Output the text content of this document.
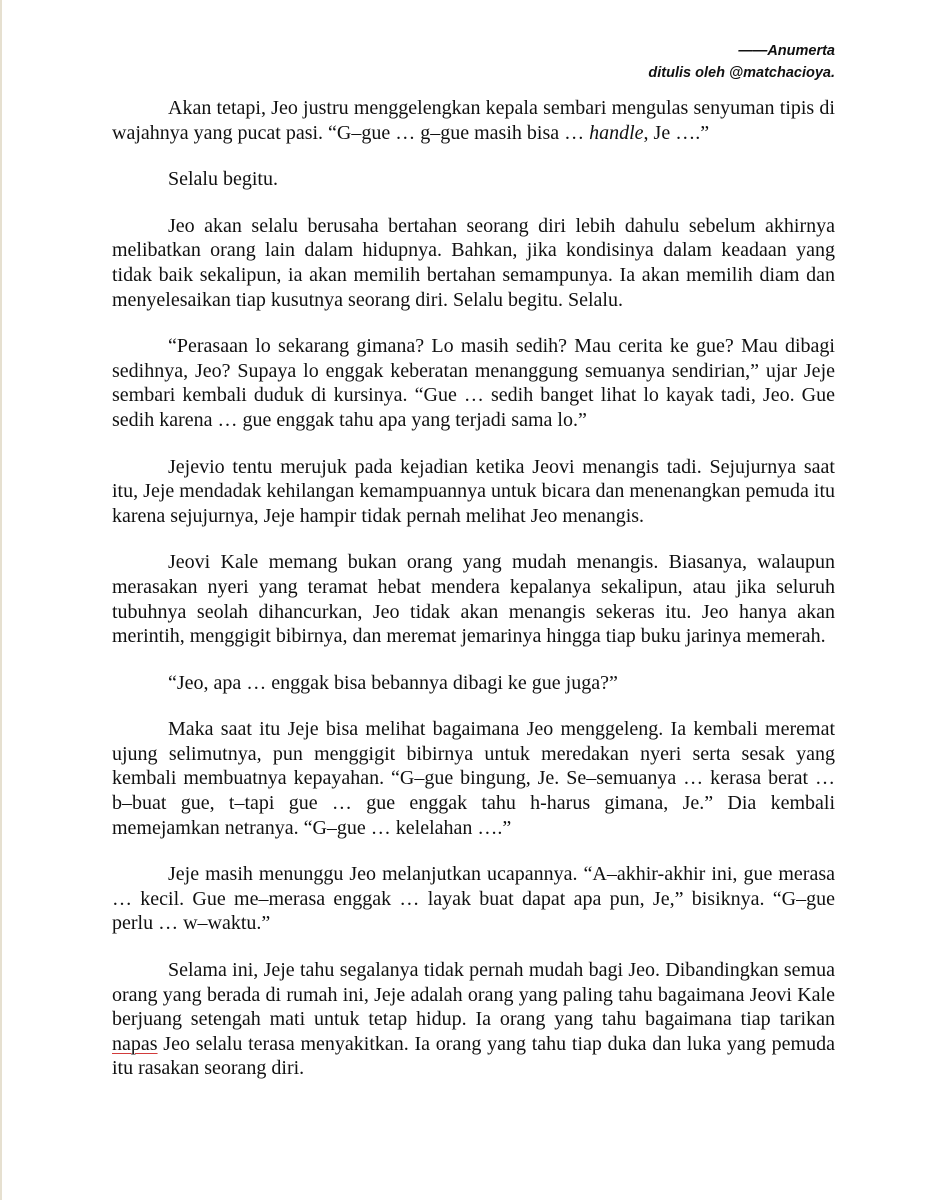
——Anumerta
ditulis oleh @matchacioya.

Akan tetapi, Jeo justru menggelengkan kepala sembari mengulas senyuman tipis di wajahnya yang pucat pasi. “G–gue … g–gue masih bisa … handle, Je ….”

Selalu begitu.

Jeo akan selalu berusaha bertahan seorang diri lebih dahulu sebelum akhirnya melibatkan orang lain dalam hidupnya. Bahkan, jika kondisinya dalam keadaan yang tidak baik sekalipun, ia akan memilih bertahan semampunya. Ia akan memilih diam dan menyelesaikan tiap kusutnya seorang diri. Selalu begitu. Selalu.

“Perasaan lo sekarang gimana? Lo masih sedih? Mau cerita ke gue? Mau dibagi sedihnya, Jeo? Supaya lo enggak keberatan menanggung semuanya sendirian,” ujar Jeje sembari kembali duduk di kursinya. “Gue … sedih banget lihat lo kayak tadi, Jeo. Gue sedih karena … gue enggak tahu apa yang terjadi sama lo.”

Jejevio tentu merujuk pada kejadian ketika Jeovi menangis tadi. Sejujurnya saat itu, Jeje mendadak kehilangan kemampuannya untuk bicara dan menenangkan pemuda itu karena sejujurnya, Jeje hampir tidak pernah melihat Jeo menangis.

Jeovi Kale memang bukan orang yang mudah menangis. Biasanya, walaupun merasakan nyeri yang teramat hebat mendera kepalanya sekalipun, atau jika seluruh tubuhnya seolah dihancurkan, Jeo tidak akan menangis sekeras itu. Jeo hanya akan merintih, menggigit bibirnya, dan meremat jemarinya hingga tiap buku jarinya memerah.

“Jeo, apa … enggak bisa bebannya dibagi ke gue juga?”

Maka saat itu Jeje bisa melihat bagaimana Jeo menggeleng. Ia kembali meremat ujung selimutnya, pun menggigit bibirnya untuk meredakan nyeri serta sesak yang kembali membuatnya kepayahan. “G–gue bingung, Je. Se–semuanya … kerasa berat … b–buat gue, t–tapi gue … gue enggak tahu h-harus gimana, Je.” Dia kembali memejamkan netranya. “G–gue … kelelahan ….”

Jeje masih menunggu Jeo melanjutkan ucapannya. “A–akhir-akhir ini, gue merasa … kecil. Gue me–merasa enggak … layak buat dapat apa pun, Je,” bisiknya. “G–gue perlu … w–waktu.”

Selama ini, Jeje tahu segalanya tidak pernah mudah bagi Jeo. Dibandingkan semua orang yang berada di rumah ini, Jeje adalah orang yang paling tahu bagaimana Jeovi Kale berjuang setengah mati untuk tetap hidup. Ia orang yang tahu bagaimana tiap tarikan napas Jeo selalu terasa menyakitkan. Ia orang yang tahu tiap duka dan luka yang pemuda itu rasakan seorang diri.
